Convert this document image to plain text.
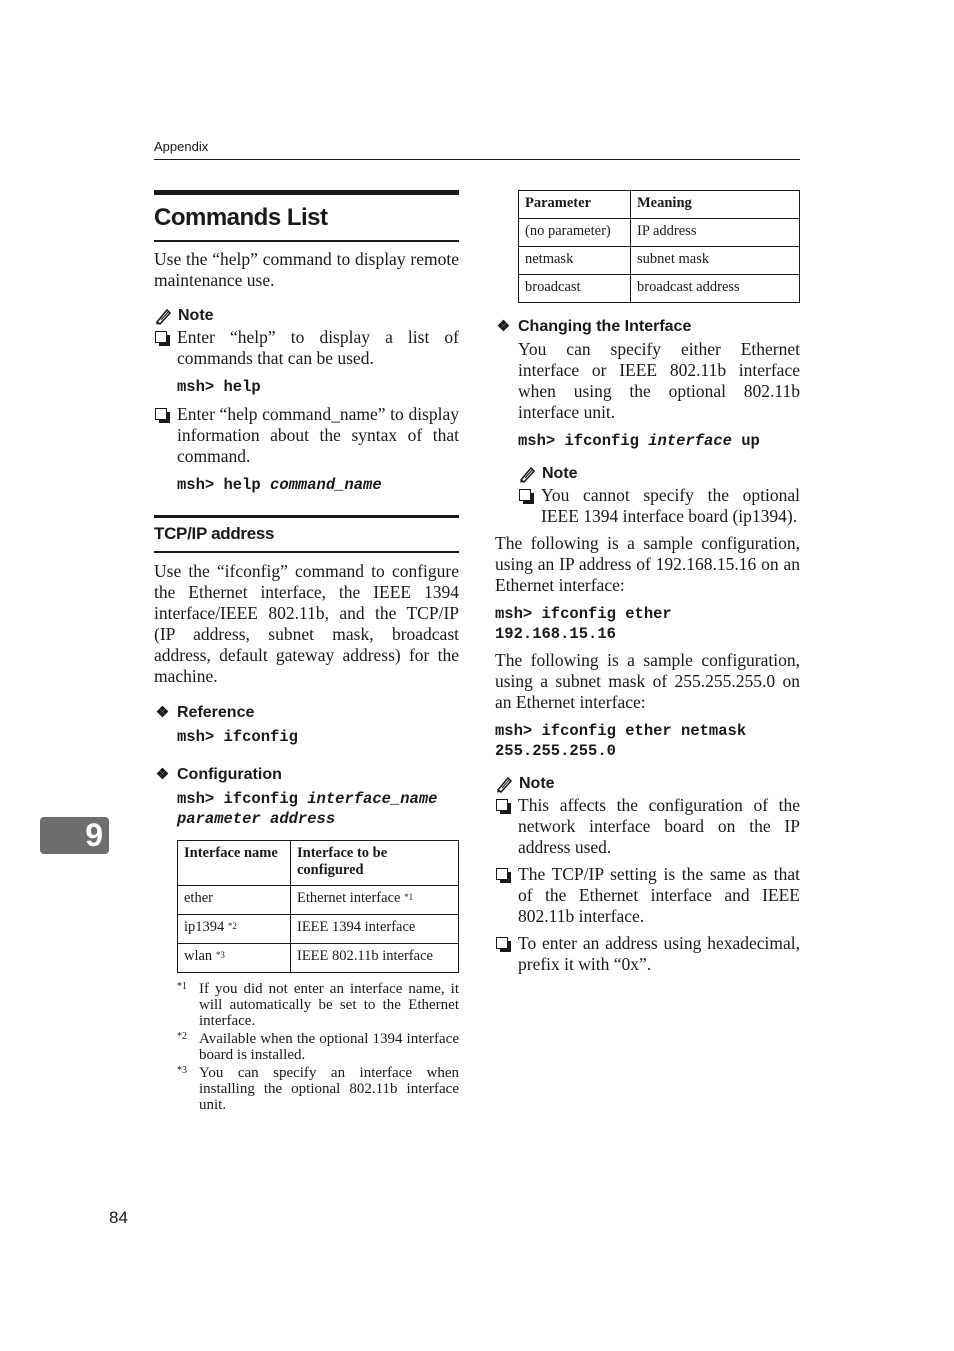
Appendix
Commands List

Use the “help” command to display remote maintenance use.

Note
Enter “help” to display a list of commands that can be used.
msh> help
Enter “help command_name” to display information about the syntax of that command.
msh> help command_name
TCP/IP address

Use the “ifconfig” command to configure the Ethernet interface, the IEEE 1394 interface/IEEE 802.11b, and the TCP/IP (IP address, subnet mask, broadcast address, default gateway address) for the machine.

❖ Reference
msh> ifconfig
❖ Configuration
msh> ifconfig interface_name
parameter address
Interface name	Interface to be configured
ether	Ethernet interface $^{*1}$
ip1394 $^{*2}$	IEEE 1394 interface
wlan $^{*3}$	IEEE 802.11b interface
*1 If you did not enter an interface name, it will automatically be set to the Ethernet interface.
*2 Available when the optional 1394 interface board is installed.
*3 You can specify an interface when installing the optional 802.11b interface unit.
Parameter	Meaning
(no parameter)	IP address
netmask	subnet mask
broadcast	broadcast address
❖ Changing the Interface

You can specify either Ethernet interface or IEEE 802.11b interface when using the optional 802.11b interface unit.

msh> ifconfig interface up
Note
You cannot specify the optional IEEE 1394 interface board (ip1394).

The following is a sample configuration, using an IP address of 192.168.15.16 on an Ethernet interface:

msh> ifconfig ether
192.168.15.16

The following is a sample configuration, using a subnet mask of 255.255.255.0 on an Ethernet interface:

msh> ifconfig ether netmask
255.255.255.0
Note
This affects the configuration of the network interface board on the IP address used.
The TCP/IP setting is the same as that of the Ethernet interface and IEEE 802.11b interface.
To enter an address using hexadecimal, prefix it with “0x”.
9
84
